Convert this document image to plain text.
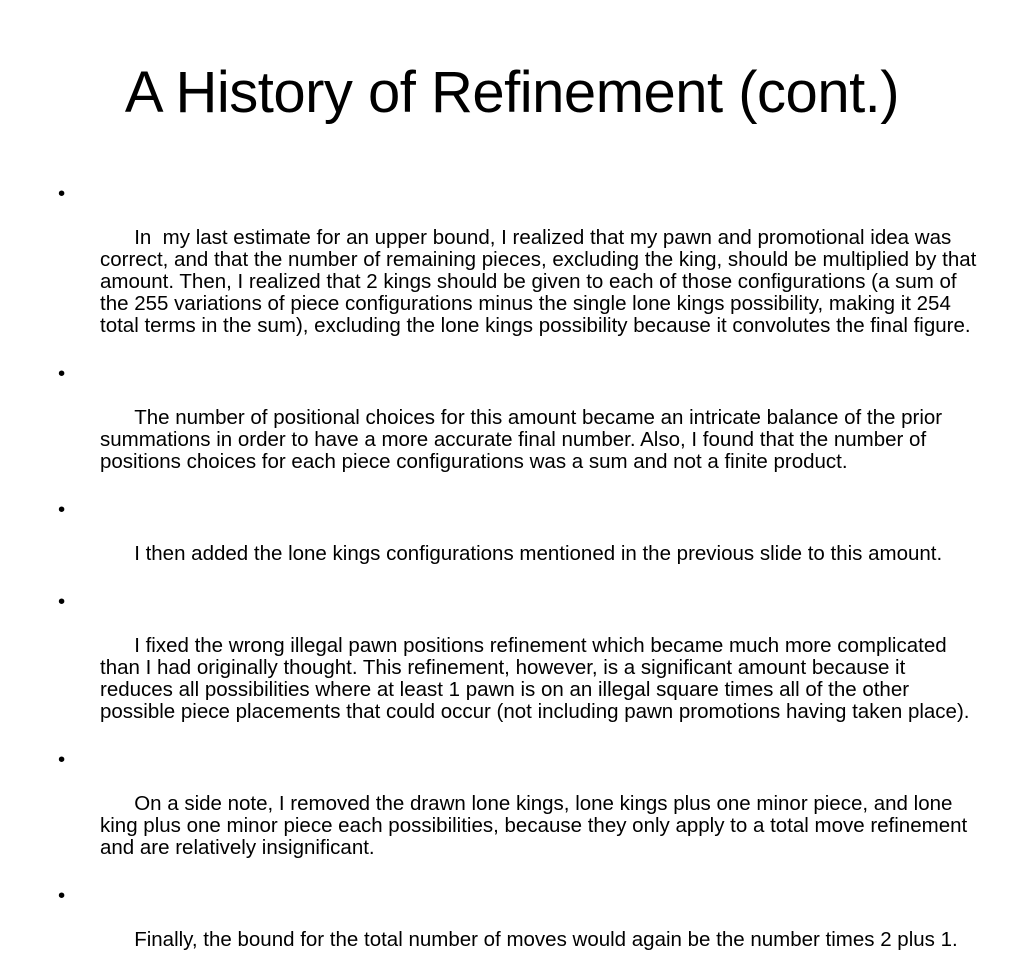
A History of Refinement (cont.)

•

In  my last estimate for an upper bound, I realized that my pawn and promotional idea was correct, and that the number of remaining pieces, excluding the king, should be multiplied by that amount. Then, I realized that 2 kings should be given to each of those configurations (a sum of the 255 variations of piece configurations minus the single lone kings possibility, making it 254 total terms in the sum), excluding the lone kings possibility because it convolutes the final figure.

•

The number of positional choices for this amount became an intricate balance of the prior summations in order to have a more accurate final number. Also, I found that the number of positions choices for each piece configurations was a sum and not a finite product.

•

I then added the lone kings configurations mentioned in the previous slide to this amount.

•

I fixed the wrong illegal pawn positions refinement which became much more complicated than I had originally thought. This refinement, however, is a significant amount because it reduces all possibilities where at least 1 pawn is on an illegal square times all of the other possible piece placements that could occur (not including pawn promotions having taken place).

•

On a side note, I removed the drawn lone kings, lone kings plus one minor piece, and lone king plus one minor piece each possibilities, because they only apply to a total move refinement and are relatively insignificant.

•

Finally, the bound for the total number of moves would again be the number times 2 plus 1.
